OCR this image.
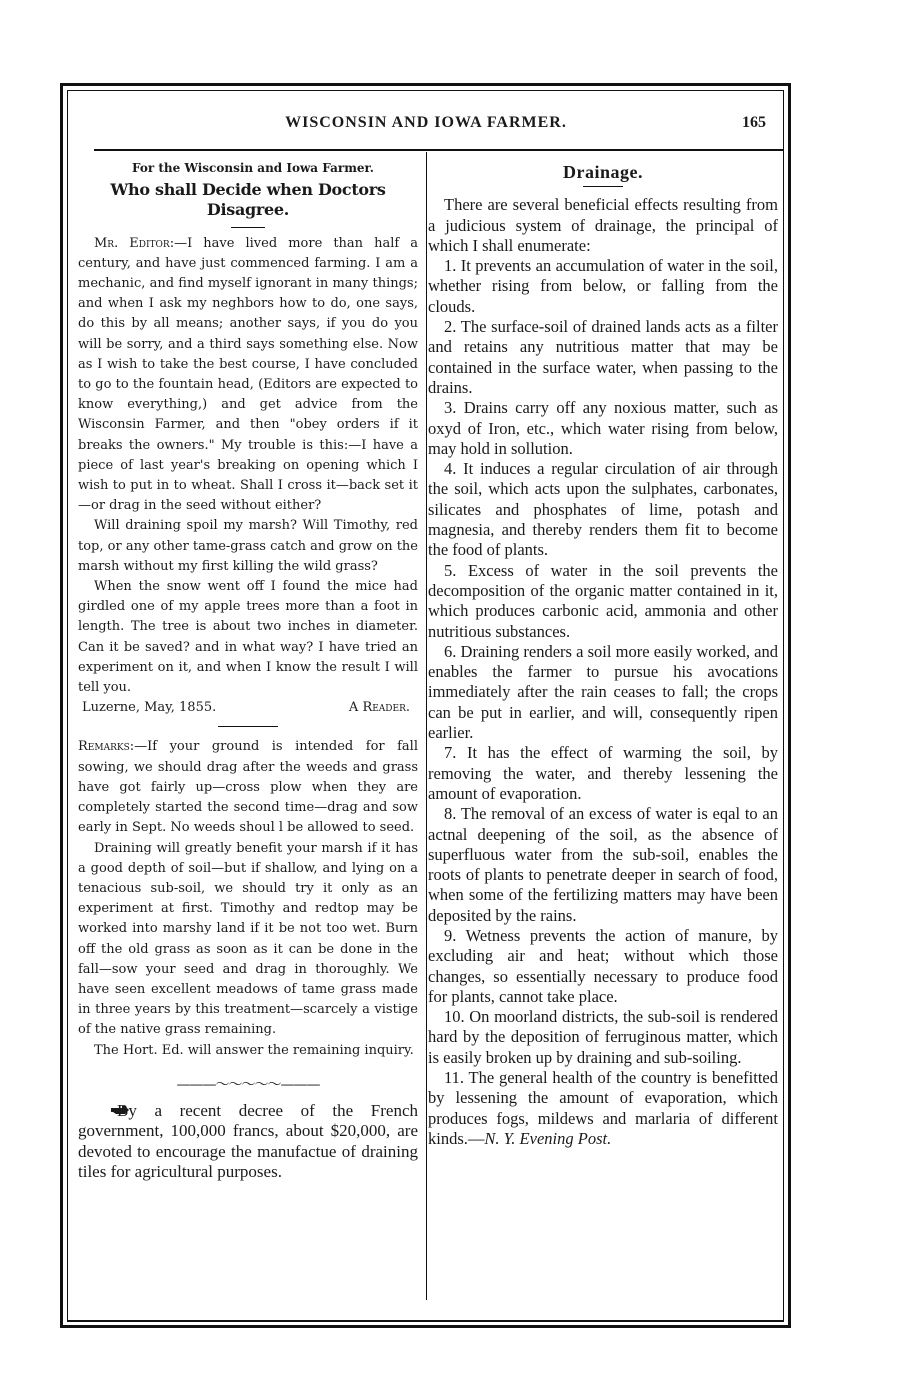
WISCONSIN AND IOWA FARMER.	165
For the Wisconsin and Iowa Farmer.
Who shall Decide when Doctors Disagree.

Mr. Editor:—I have lived more than half a century, and have just commenced farming. I am a mechanic, and find myself ignorant in many things; and when I ask my neghbors how to do, one says, do this by all means; another says, if you do you will be sorry, and a third says something else. Now as I wish to take the best course, I have concluded to go to the fountain head, (Editors are expected to know everything,) and get advice from the Wisconsin Farmer, and then "obey orders if it breaks the owners." My trouble is this:—I have a piece of last year's breaking on opening which I wish to put in to wheat. Shall I cross it—back set it—or drag in the seed without either?

Will draining spoil my marsh? Will Timothy, red top, or any other tame-grass catch and grow on the marsh without my first killing the wild grass?

When the snow went off I found the mice had girdled one of my apple trees more than a foot in length. The tree is about two inches in diameter. Can it be saved? and in what way? I have tried an experiment on it, and when I know the result I will tell you.

Luzerne, May, 1855.	A Reader.

Remarks:—If your ground is intended for fall sowing, we should drag after the weeds and grass have got fairly up—cross plow when they are completely started the second time—drag and sow early in Sept. No weeds shoul l be allowed to seed.

Draining will greatly benefit your marsh if it has a good depth of soil—but if shallow, and lying on a tenacious sub-soil, we should try it only as an experiment at first. Timothy and redtop may be worked into marshy land if it be not too wet. Burn off the old grass as soon as it can be done in the fall—sow your seed and drag in thoroughly. We have seen excellent meadows of tame grass made in three years by this treatment—scarcely a vistige of the native grass remaining.

The Hort. Ed. will answer the remaining inquiry.

———〜〜〜〜〜———

By a recent decree of the French government, 100,000 francs, about $20,000, are devoted to encourage the manufactue of draining tiles for agricultural purposes.

Drainage.

There are several beneficial effects resulting from a judicious system of drainage, the principal of which I shall enumerate:

1. It prevents an accumulation of water in the soil, whether rising from below, or falling from the clouds.

2. The surface-soil of drained lands acts as a filter and retains any nutritious matter that may be contained in the surface water, when passing to the drains.

3. Drains carry off any noxious matter, such as oxyd of Iron, etc., which water rising from below, may hold in sollution.

4. It induces a regular circulation of air through the soil, which acts upon the sulphates, carbonates, silicates and phosphates of lime, potash and magnesia, and thereby renders them fit to become the food of plants.

5. Excess of water in the soil prevents the decomposition of the organic matter contained in it, which produces carbonic acid, ammonia and other nutritious substances.

6. Draining renders a soil more easily worked, and enables the farmer to pursue his avocations immediately after the rain ceases to fall; the crops can be put in earlier, and will, consequently ripen earlier.

7. It has the effect of warming the soil, by removing the water, and thereby lessening the amount of evaporation.

8. The removal of an excess of water is eqal to an actnal deepening of the soil, as the absence of superfluous water from the sub-soil, enables the roots of plants to penetrate deeper in search of food, when some of the fertilizing matters may have been deposited by the rains.

9. Wetness prevents the action of manure, by excluding air and heat; without which those changes, so essentially necessary to produce food for plants, cannot take place.

10. On moorland districts, the sub-soil is rendered hard by the deposition of ferruginous matter, which is easily broken up by draining and sub-soiling.

11. The general health of the country is benefitted by lessening the amount of evaporation, which produces fogs, mildews and marlaria of different kinds.—N. Y. Evening Post.
